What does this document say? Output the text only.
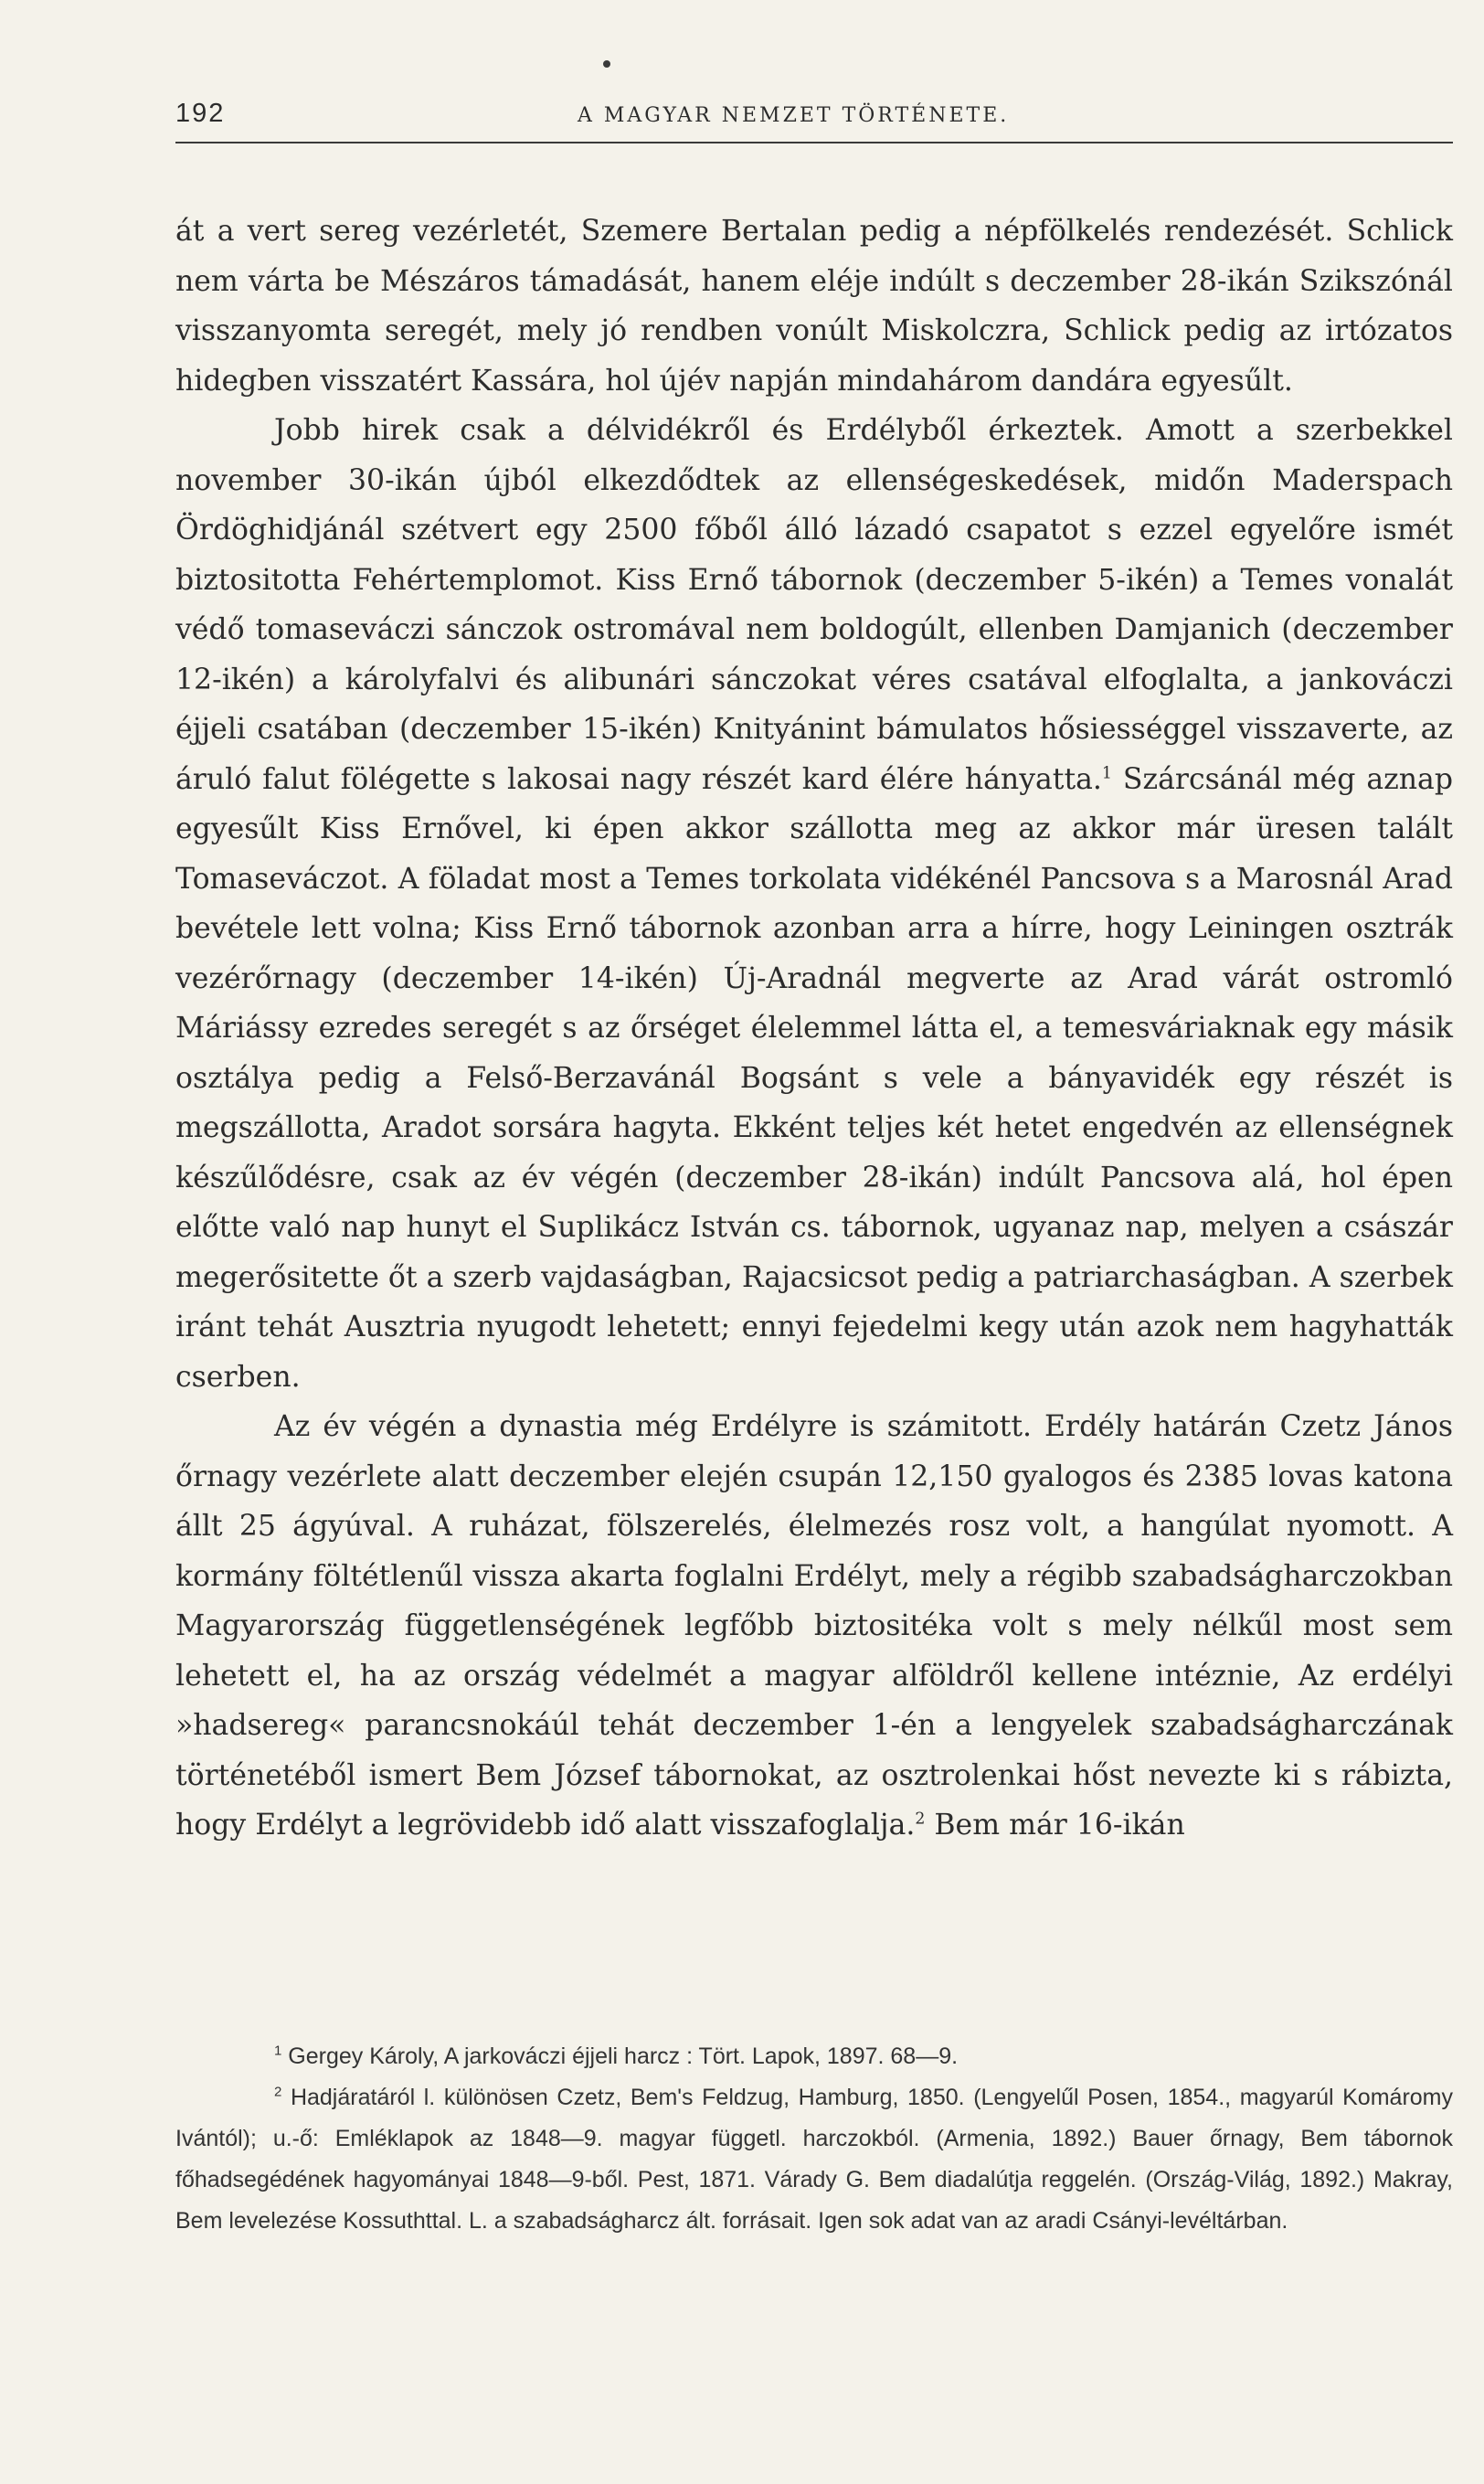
192	A MAGYAR NEMZET TÖRTÉNETE.

át a vert sereg vezérletét, Szemere Bertalan pedig a népfölkelés rendezését. Schlick nem várta be Mészáros támadását, hanem eléje indúlt s deczember 28-ikán Szikszónál visszanyomta seregét, mely jó rendben vonúlt Miskolczra, Schlick pedig az irtózatos hidegben visszatért Kassára, hol újév napján mindahárom dandára egyesűlt.

Jobb hirek csak a délvidékről és Erdélyből érkeztek. Amott a szerbekkel november 30-ikán újból elkezdődtek az ellenségeskedések, midőn Maderspach Ördöghidjánál szétvert egy 2500 főből álló lázadó csapatot s ezzel egyelőre ismét biztositotta Fehértemplomot. Kiss Ernő tábornok (deczember 5-ikén) a Temes vonalát védő tomaseváczi sánczok ostromával nem boldogúlt, ellenben Damjanich (deczember 12-ikén) a károlyfalvi és alibunári sánczokat véres csatával elfoglalta, a jankováczi éjjeli csatában (deczember 15-ikén) Knityánint bámulatos hősiességgel visszaverte, az áruló falut fölégette s lakosai nagy részét kard élére hányatta.$^1$ Szárcsánál még aznap egyesűlt Kiss Ernővel, ki épen akkor szállotta meg az akkor már üresen talált Tomaseváczot. A föladat most a Temes torkolata vidékénél Pancsova s a Marosnál Arad bevétele lett volna; Kiss Ernő tábornok azonban arra a hírre, hogy Leiningen osztrák vezérőrnagy (deczember 14-ikén) Új-Aradnál megverte az Arad várát ostromló Máriássy ezredes seregét s az őrséget élelemmel látta el, a temesváriaknak egy másik osztálya pedig a Felső-Berzavánál Bogsánt s vele a bányavidék egy részét is megszállotta, Aradot sorsára hagyta. Ekként teljes két hetet engedvén az ellenségnek készűlődésre, csak az év végén (deczember 28-ikán) indúlt Pancsova alá, hol épen előtte való nap hunyt el Suplikácz István cs. tábornok, ugyanaz nap, melyen a császár megerősitette őt a szerb vajdaságban, Rajacsicsot pedig a patriarchaságban. A szerbek iránt tehát Ausztria nyugodt lehetett; ennyi fejedelmi kegy után azok nem hagyhatták cserben.

Az év végén a dynastia még Erdélyre is számitott. Erdély határán Czetz János őrnagy vezérlete alatt deczember elején csupán 12,150 gyalogos és 2385 lovas katona állt 25 ágyúval. A ruházat, fölszerelés, élelmezés rosz volt, a hangúlat nyomott. A kormány föltétlenűl vissza akarta foglalni Erdélyt, mely a régibb szabadságharczokban Magyarország függetlenségének legfőbb biztositéka volt s mely nélkűl most sem lehetett el, ha az ország védelmét a magyar alföldről kellene intéznie, Az erdélyi »hadsereg« parancsnokáúl tehát deczember 1-én a lengyelek szabadságharczának történetéből ismert Bem József tábornokat, az osztrolenkai hőst nevezte ki s rábizta, hogy Erdélyt a legrövidebb idő alatt visszafoglalja.$^2$ Bem már 16-ikán

$^1$ Gergey Károly, A jarkováczi éjjeli harcz : Tört. Lapok, 1897. 68—9.

$^2$ Hadjáratáról l. különösen Czetz, Bem's Feldzug, Hamburg, 1850. (Lengyelűl Posen, 1854., magyarúl Komáromy Ivántól); u.-ő: Emléklapok az 1848—9. magyar függetl. harczokból. (Armenia, 1892.) Bauer őrnagy, Bem tábornok főhadsegédének hagyományai 1848—9-ből. Pest, 1871. Várady G. Bem diadalútja reggelén. (Ország-Világ, 1892.) Makray, Bem levelezése Kossuthttal. L. a szabadságharcz ált. forrásait. Igen sok adat van az aradi Csányi-levéltárban.
